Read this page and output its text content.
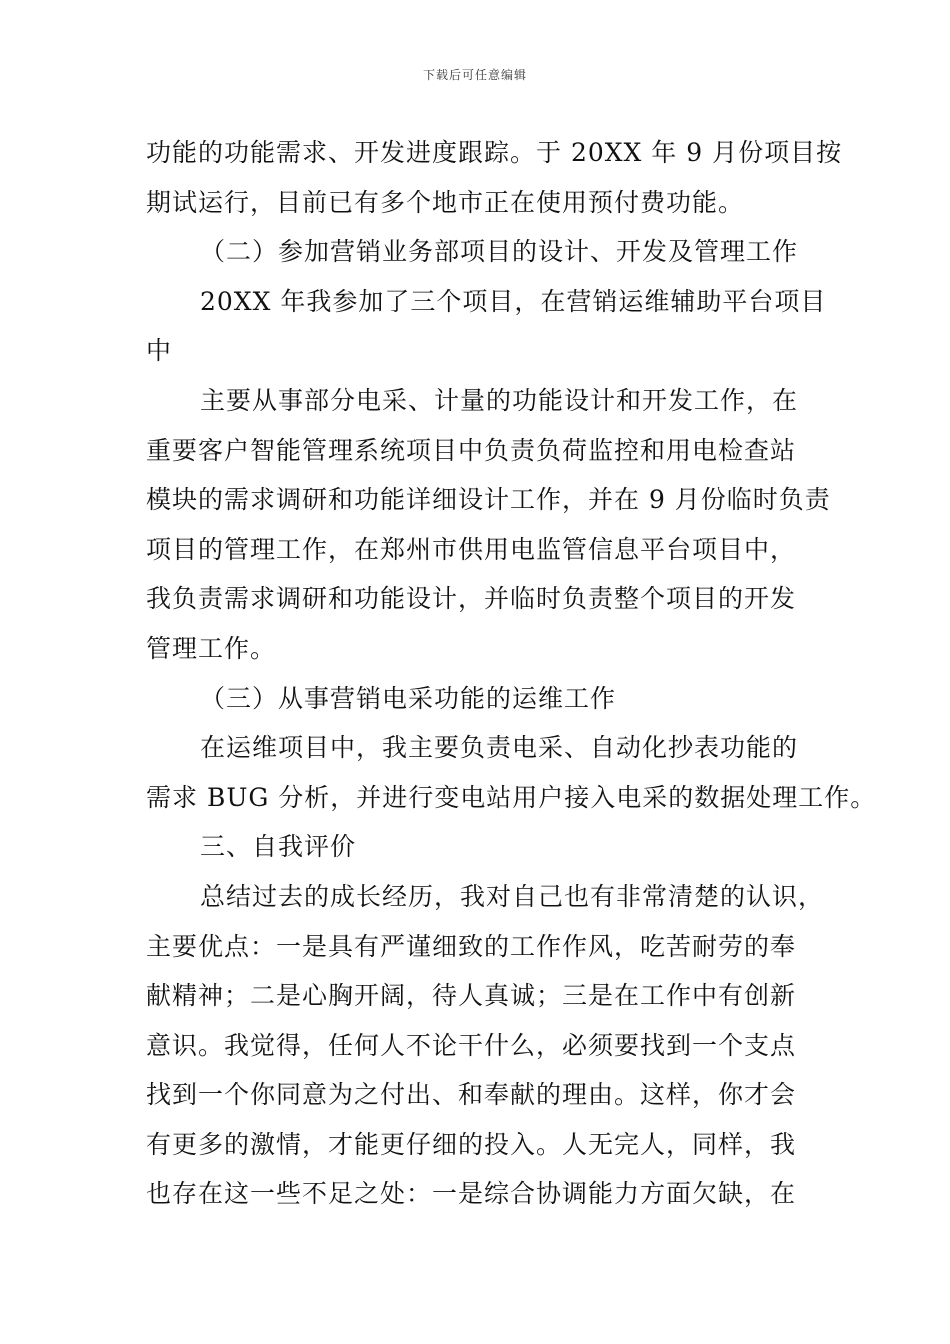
下载后可任意编辑
功能的功能需求、开发进度跟踪。于 20XX 年 9 月份项目按
期试运行，目前已有多个地市正在使用预付费功能。
（二）参加营销业务部项目的设计、开发及管理工作
20XX 年我参加了三个项目，在营销运维辅助平台项目
中
主要从事部分电采、计量的功能设计和开发工作，在
重要客户智能管理系统项目中负责负荷监控和用电检查站
模块的需求调研和功能详细设计工作，并在 9 月份临时负责
项目的管理工作，在郑州市供用电监管信息平台项目中，
我负责需求调研和功能设计，并临时负责整个项目的开发
管理工作。
（三）从事营销电采功能的运维工作
在运维项目中，我主要负责电采、自动化抄表功能的
需求 BUG 分析，并进行变电站用户接入电采的数据处理工作。
三、自我评价
总结过去的成长经历，我对自己也有非常清楚的认识，
主要优点：一是具有严谨细致的工作作风，吃苦耐劳的奉
献精神；二是心胸开阔，待人真诚；三是在工作中有创新
意识。我觉得，任何人不论干什么，必须要找到一个支点
找到一个你同意为之付出、和奉献的理由。这样，你才会
有更多的激情，才能更仔细的投入。人无完人，同样，我
也存在这一些不足之处：一是综合协调能力方面欠缺，在
